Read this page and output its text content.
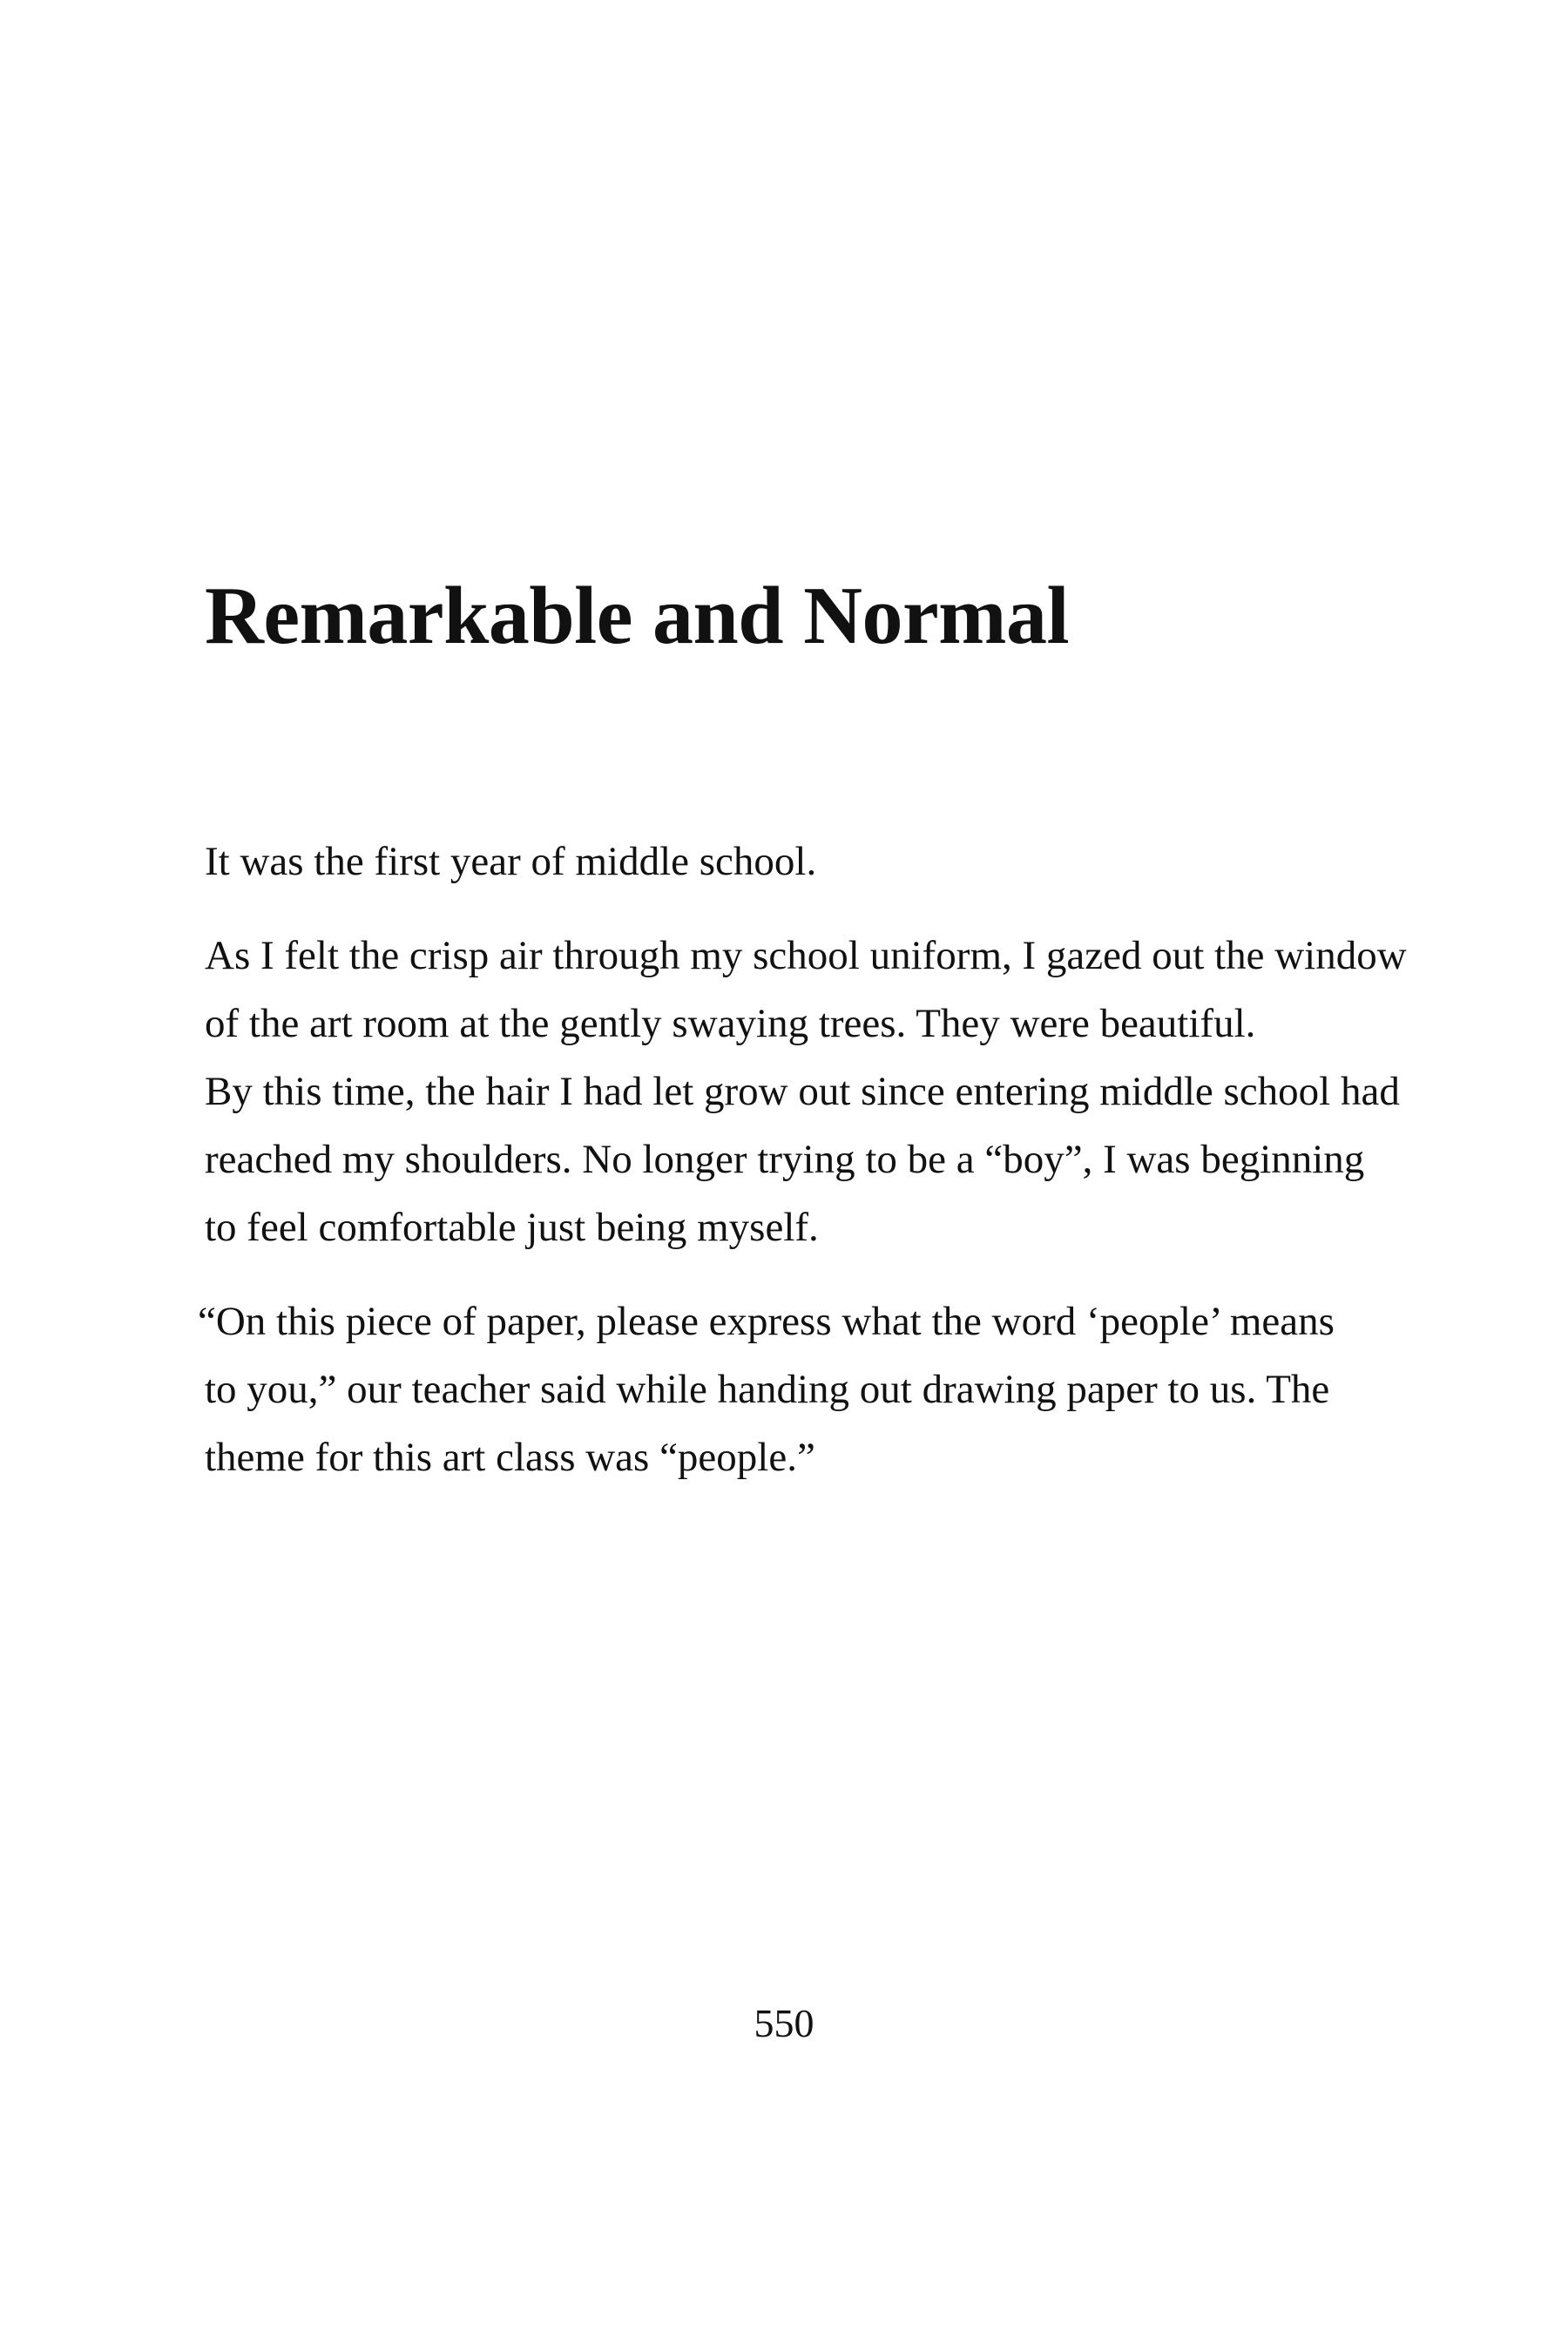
Remarkable and Normal

It was the first year of middle school.

As I felt the crisp air through my school uniform, I gazed out the window
of the art room at the gently swaying trees. They were beautiful.

By this time, the hair I had let grow out since entering middle school had
reached my shoulders. No longer trying to be a “boy”, I was beginning
to feel comfortable just being myself.

“On this piece of paper, please express what the word ‘people’ means
to you,” our teacher said while handing out drawing paper to us. The
theme for this art class was “people.”

550
